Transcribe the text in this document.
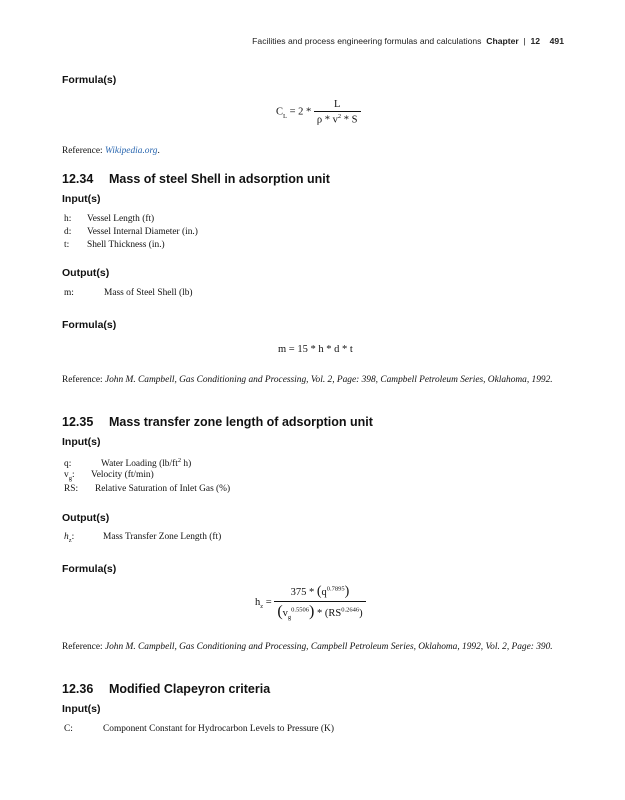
Facilities and process engineering formulas and calculations Chapter | 12 491
Formula(s)
$C_L = 2 * \frac{L}{\rho * v^2 * S}$
Reference: Wikipedia.org.
12.34 Mass of steel Shell in adsorption unit
Input(s)
h: Vessel Length (ft)
d: Vessel Internal Diameter (in.)
t: Shell Thickness (in.)
Output(s)
m:	Mass of Steel Shell (lb)
Formula(s)
m = 15 * h * d * t
Reference: John M. Campbell, Gas Conditioning and Processing, Vol. 2, Page: 398, Campbell Petroleum Series, Oklahoma, 1992.
12.35 Mass transfer zone length of adsorption unit
Input(s)
q:	Water Loading ($lb/ft^2$ h)
$v_g$: Velocity (ft/min)
RS: Relative Saturation of Inlet Gas (%)
Output(s)
$h_z$:	Mass Transfer Zone Length (ft)
Formula(s)
$h_z = \frac{375 * (q^{0.7895})}{(v_g^{0.5506}) * (RS^{0.2646})}$
Reference: John M. Campbell, Gas Conditioning and Processing, Campbell Petroleum Series, Oklahoma, 1992, Vol. 2, Page: 390.
12.36 Modified Clapeyron criteria
Input(s)
C:	Component Constant for Hydrocarbon Levels to Pressure (K)
